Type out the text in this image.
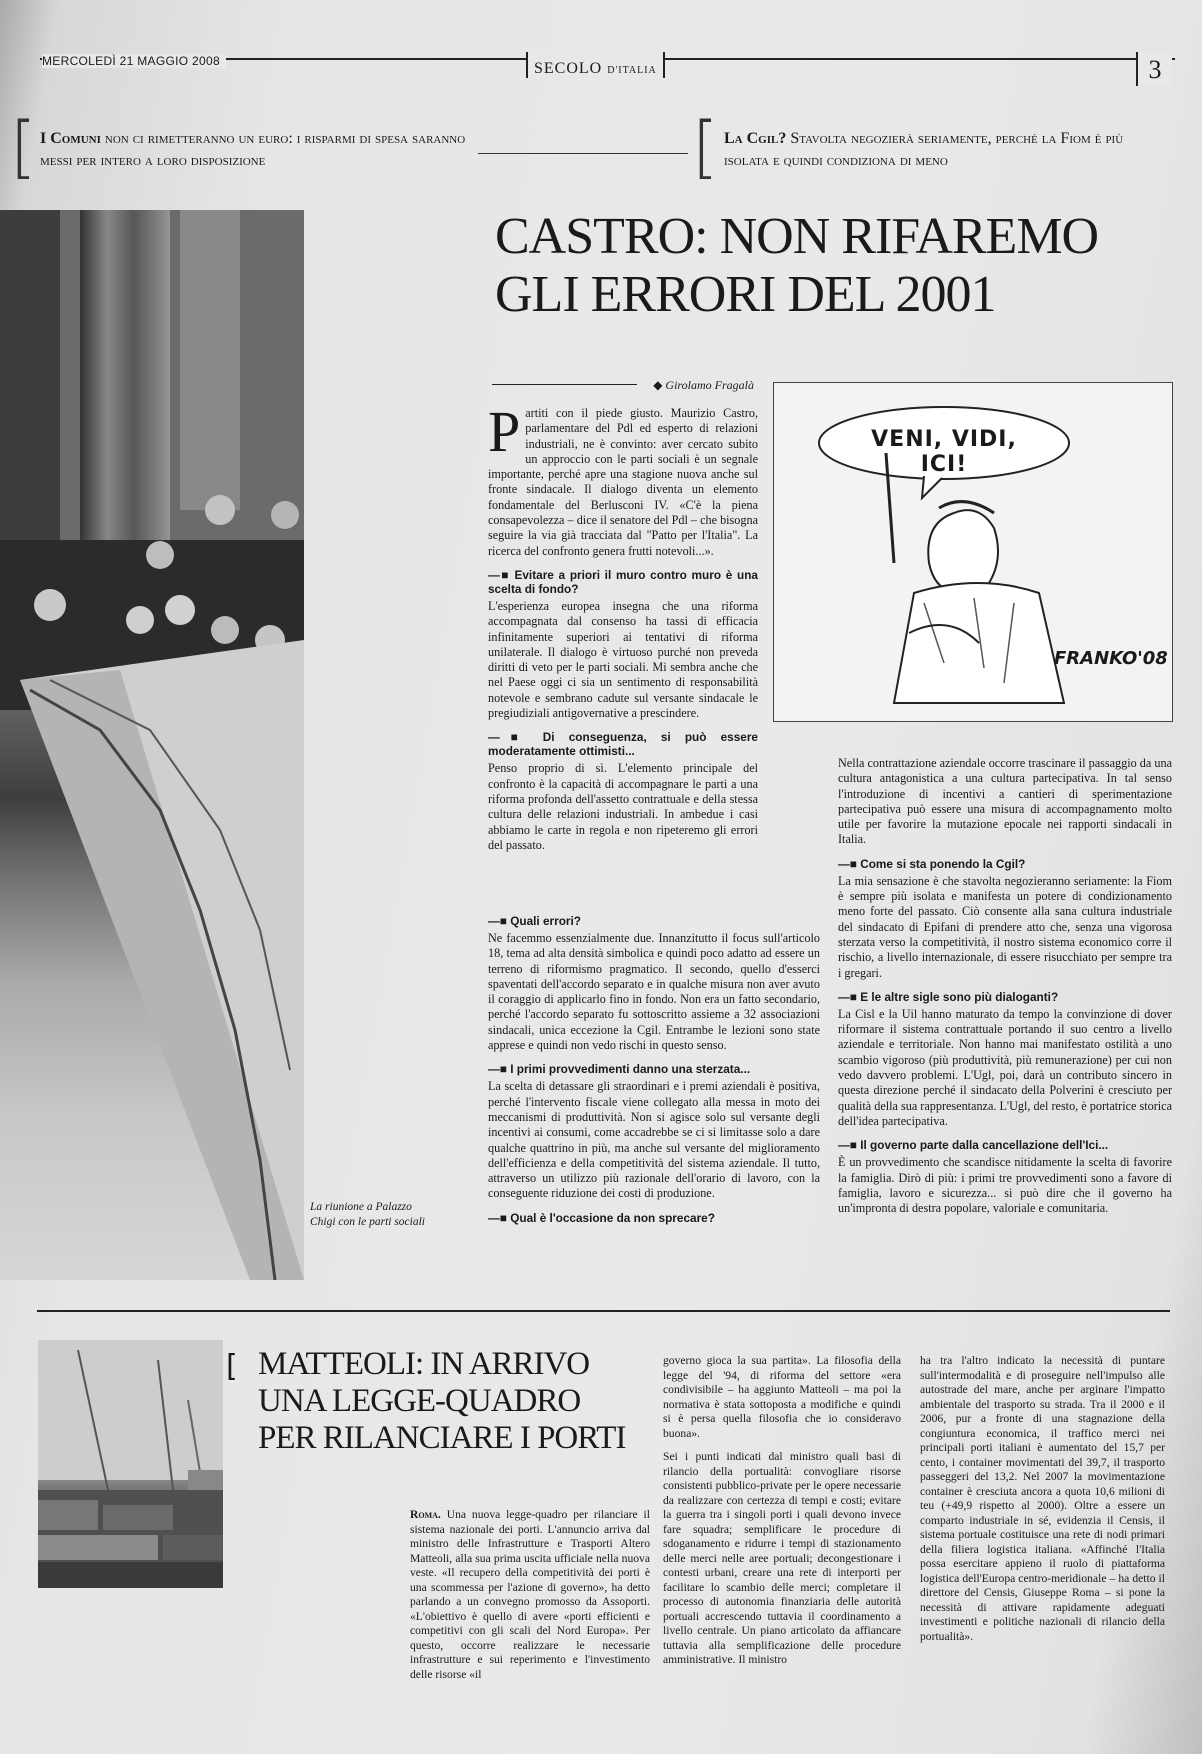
MERCOLEDÌ 21 MAGGIO 2008	SECOLO D'ITALIA	3
[ I Comuni non ci rimetteranno un euro: i risparmi di spesa saranno messi per intero a loro disposizione	[ La Cgil? Stavolta negozierà seriamente, perché la Fiom è più isolata e quindi condiziona di meno
La riunione a Palazzo Chigi con le parti sociali
CASTRO: NON RIFAREMO
GLI ERRORI DEL 2001
◆ Girolamo Fragalà

Partiti con il piede giusto. Maurizio Castro, parlamentare del Pdl ed esperto di relazioni industriali, ne è convinto: aver cercato subito un approccio con le parti sociali è un segnale importante, perché apre una stagione nuova anche sul fronte sindacale. Il dialogo diventa un elemento fondamentale del Berlusconi IV. «C'è la piena consapevolezza – dice il senatore del Pdl – che bisogna seguire la via già tracciata dal "Patto per l'Italia". La ricerca del confronto genera frutti notevoli...».

—■ Evitare a priori il muro contro muro è una scelta di fondo?

L'esperienza europea insegna che una riforma accompagnata dal consenso ha tassi di efficacia infinitamente superiori ai tentativi di riforma unilaterale. Il dialogo è virtuoso purché non preveda diritti di veto per le parti sociali. Mi sembra anche che nel Paese oggi ci sia un sentimento di responsabilità notevole e sembrano cadute sul versante sindacale le pregiudiziali antigovernative a prescindere.

—■ Di conseguenza, si può essere moderatamente ottimisti...

Penso proprio di sì. L'elemento principale del confronto è la capacità di accompagnare le parti a una riforma profonda dell'assetto contrattuale e della stessa cultura delle relazioni industriali. In ambedue i casi abbiamo le carte in regola e non ripeteremo gli errori del passato.

—■ Quali errori?

Ne facemmo essenzialmente due. Innanzitutto il focus sull'articolo 18, tema ad alta densità simbolica e quindi poco adatto ad essere un terreno di riformismo pragmatico. Il secondo, quello d'esserci spaventati dell'accordo separato e in qualche misura non aver avuto il coraggio di applicarlo fino in fondo. Non era un fatto secondario, perché l'accordo separato fu sottoscritto assieme a 32 associazioni sindacali, unica eccezione la Cgil. Entrambe le lezioni sono state apprese e quindi non vedo rischi in questo senso.

—■ I primi provvedimenti danno una sterzata...

La scelta di detassare gli straordinari e i premi aziendali è positiva, perché l'intervento fiscale viene collegato alla messa in moto dei meccanismi di produttività. Non si agisce solo sul versante degli incentivi ai consumi, come accadrebbe se ci si limitasse solo a dare qualche quattrino in più, ma anche sul versante del miglioramento dell'efficienza e della competitività del sistema aziendale. Il tutto, attraverso un utilizzo più razionale dell'orario di lavoro, con la conseguente riduzione dei costi di produzione.

—■ Qual è l'occasione da non sprecare?
VENI, VIDI, ICI!
FRANKO'08

Nella contrattazione aziendale occorre trascinare il passaggio da una cultura antagonistica a una cultura partecipativa. In tal senso l'introduzione di incentivi a cantieri di sperimentazione partecipativa può essere una misura di accompagnamento molto utile per favorire la mutazione epocale nei rapporti sindacali in Italia.

—■ Come si sta ponendo la Cgil?

La mia sensazione è che stavolta negozieranno seriamente: la Fiom è sempre più isolata e manifesta un potere di condizionamento meno forte del passato. Ciò consente alla sana cultura industriale del sindacato di Epifani di prendere atto che, senza una vigorosa sterzata verso la competitività, il nostro sistema economico corre il rischio, a livello internazionale, di essere risucchiato per sempre tra i gregari.

—■ E le altre sigle sono più dialoganti?

La Cisl e la Uil hanno maturato da tempo la convinzione di dover riformare il sistema contrattuale portando il suo centro a livello aziendale e territoriale. Non hanno mai manifestato ostilità a uno scambio vigoroso (più produttività, più remunerazione) per cui non vedo davvero problemi. L'Ugl, poi, darà un contributo sincero in questa direzione perché il sindacato della Polverini è cresciuto per qualità della sua rappresentanza. L'Ugl, del resto, è portatrice storica dell'idea partecipativa.

—■ Il governo parte dalla cancellazione dell'Ici...

È un provvedimento che scandisce nitidamente la scelta di favorire la famiglia. Dirò di più: i primi tre provvedimenti sono a favore di famiglia, lavoro e sicurezza... si può dire che il governo ha un'impronta di destra popolare, valoriale e comunitaria.

[ MATTEOLI: IN ARRIVO
UNA LEGGE-QUADRO
PER RILANCIARE I PORTI
Roma. Una nuova legge-quadro per rilanciare il sistema nazionale dei porti. L'annuncio arriva dal ministro delle Infrastrutture e Trasporti Altero Matteoli, alla sua prima uscita ufficiale nella nuova veste. «Il recupero della competitività dei porti è una scommessa per l'azione di governo», ha detto parlando a un convegno promosso da Assoporti. «L'obiettivo è quello di avere «porti efficienti e competitivi con gli scali del Nord Europa». Per questo, occorre realizzare le necessarie infrastrutture e sui reperimento e l'investimento delle risorse «il

governo gioca la sua partita». La filosofia della legge del '94, di riforma del settore «era condivisibile – ha aggiunto Matteoli – ma poi la normativa è stata sottoposta a modifiche e quindi si è persa quella filosofia che io consideravo buona».

Sei i punti indicati dal ministro quali basi di rilancio della portualità: convogliare risorse consistenti pubblico-private per le opere necessarie da realizzare con certezza di tempi e costi; evitare la guerra tra i singoli porti i quali devono invece fare squadra; semplificare le procedure di sdoganamento e ridurre i tempi di stazionamento delle merci nelle aree portuali; decongestionare i contesti urbani, creare una rete di interporti per facilitare lo scambio delle merci; completare il processo di autonomia finanziaria delle autorità portuali accrescendo tuttavia il coordinamento a livello centrale. Un piano articolato da affiancare tuttavia alla semplificazione delle procedure amministrative. Il ministro

ha tra l'altro indicato la necessità di puntare sull'intermodalità e di proseguire nell'impulso alle autostrade del mare, anche per arginare l'impatto ambientale del trasporto su strada. Tra il 2000 e il 2006, pur a fronte di una stagnazione della congiuntura economica, il traffico merci nei principali porti italiani è aumentato del 15,7 per cento, i container movimentati del 39,7, il trasporto passeggeri del 13,2. Nel 2007 la movimentazione container è cresciuta ancora a quota 10,6 milioni di teu (+49,9 rispetto al 2000). Oltre a essere un comparto industriale in sé, evidenzia il Censis, il sistema portuale costituisce una rete di nodi primari della filiera logistica italiana. «Affinché l'Italia possa esercitare appieno il ruolo di piattaforma logistica dell'Europa centro-meridionale – ha detto il direttore del Censis, Giuseppe Roma – si pone la necessità di attivare rapidamente adeguati investimenti e politiche nazionali di rilancio della portualità».
